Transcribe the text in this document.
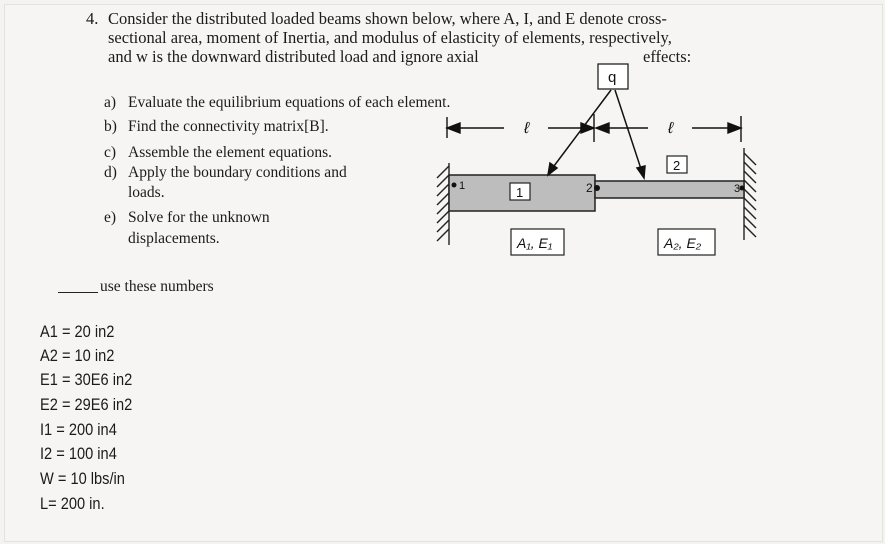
4. Consider the distributed loaded beams shown below, where A, I, and E denote cross-
sectional area, moment of Inertia, and modulus of elasticity of elements, respectively,
and w is the downward distributed load and ignore axial	effects:
a) Evaluate the equilibrium equations of each element.
b) Find the connectivity matrix[B].
c) Assemble the element equations.
d) Apply the boundary conditions and
loads.
e) Solve for the unknown
displacements.
use these numbers
A1 = 20 in2
A2 = 10 in2
E1 = 30E6 in2
E2 = 29E6 in2
I1 = 200 in4
I2 = 100 in4
W = 10 lbs/in
L= 200 in.
1	2	3
1
2
q
ℓ	ℓ
A₁, E₁	A₂, E₂
